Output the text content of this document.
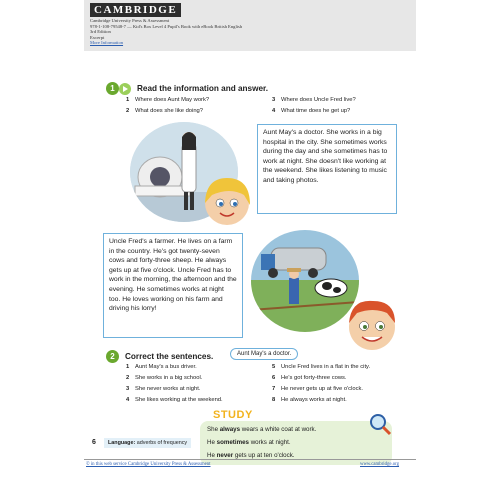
CAMBRIDGE
Cambridge University Press & Assessment
978-1-108-79548-7 — Kid's Box Level 4 Pupil's Book with eBook British English
3rd Edition
Excerpt
More Information
1	Read the information and answer.
1 Where does Aunt May work?
2 What does she like doing?
3 Where does Uncle Fred live?
4 What time does he get up?
Aunt May's a doctor. She works in a big hospital in the city. She sometimes works during the day and she sometimes has to work at night. She doesn't like working at the weekend. She likes listening to music and taking photos.
Uncle Fred's a farmer. He lives on a farm in the country. He's got twenty-seven cows and forty-three sheep. He always gets up at five o'clock. Uncle Fred has to work in the morning, the afternoon and the evening. He sometimes works at night too. He loves working on his farm and driving his lorry!
2	Correct the sentences.	Aunt May's a doctor.
1 Aunt May's a bus driver.
2 She works in a big school.
3 She never works at night.
4 She likes working at the weekend.
5 Uncle Fred lives in a flat in the city.
6 He's got forty-three cows.
7 He never gets up at five o'clock.
8 He always works at night.
STUDY
She always wears a white coat at work.
He sometimes works at night.
He never gets up at ten o'clock.
6	Language: adverbs of frequency
© in this web service Cambridge University Press & Assessment	www.cambridge.org
